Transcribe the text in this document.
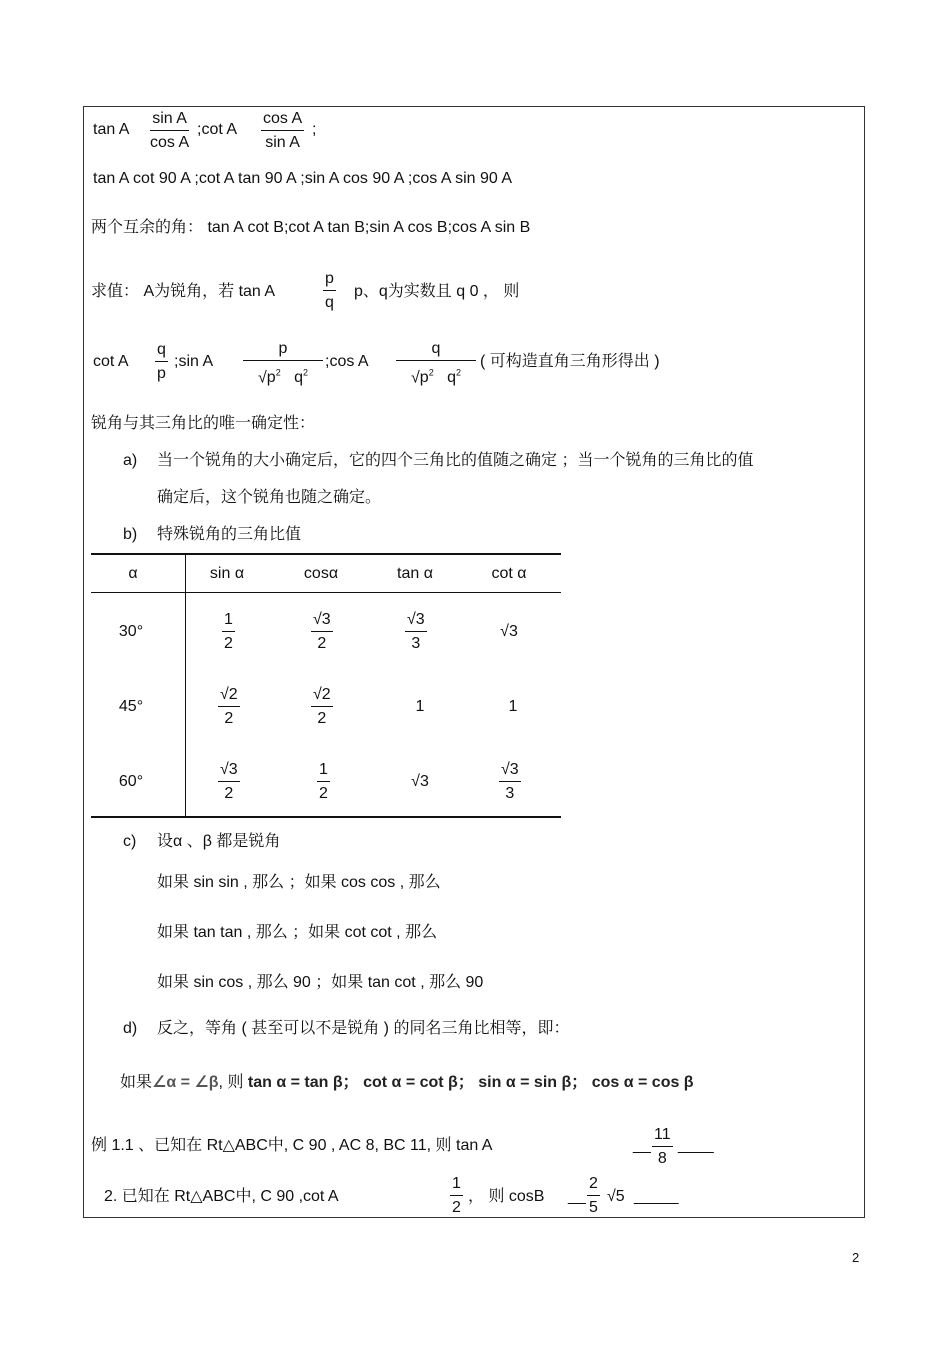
tan A $\frac{\text{sin A}}{\text{cos A}}$ ;cot A $\frac{\text{cos A}}{\text{sin A}}$ ;
tan A cot 90 A ;cot A tan 90 A ;sin A cos 90 A ;cos A sin 90 A
两个互余的角： tan A cot B;cot A tan B;sin A cos B;cos A sin B
求值： A为锐角，若 tan A	$\frac{p}{q}$ p、q为实数且 q 0 ， 则
cot A $\frac{q}{p}$ ;sin A $\frac{p}{√p^2 q^2}$ ;cos A $\frac{q}{√p^2 q^2}$ ( 可构造直角三角形得出 )
锐角与其三角比的唯一确定性：
a) 当一个锐角的大小确定后，它的四个三角比的值随之确定 ；当一个锐角的三角比的值
确定后，这个锐角也随之确定。
b) 特殊锐角的三角比值
α	sin α	cosα	tan α	cot α
30°	$\frac{1}{2}$	$\frac{√3}{2}$	$\frac{√3}{3}$	√3
45°	$\frac{√2}{2}$	$\frac{√2}{2}$	1	1
60°	$\frac{√3}{2}$	$\frac{1}{2}$	√3	$\frac{√3}{3}$
c) 设α 、β 都是锐角
如果 sin sin , 那么 ；如果 cos cos , 那么
如果 tan tan , 那么 ；如果 cot cot , 那么
如果 sin cos , 那么 90 ；如果 tan cot , 那么 90
d) 反之，等角 ( 甚至可以不是锐角 ) 的同名三角比相等，即：
如果∠α = ∠β, 则 tan α = tan β； cot α = cot β； sin α = sin β； cos α = cos β
例 1.1 、已知在 Rt△ABC中, C 90 , AC 8, BC 11, 则 tan A	__ $\frac{11}{8}$ ____
2. 已知在 Rt△ABC中, C 90 ,cot A	$\frac{1}{2}$ ， 则 cosB __ $\frac{2}{5} √5$ _____
2
